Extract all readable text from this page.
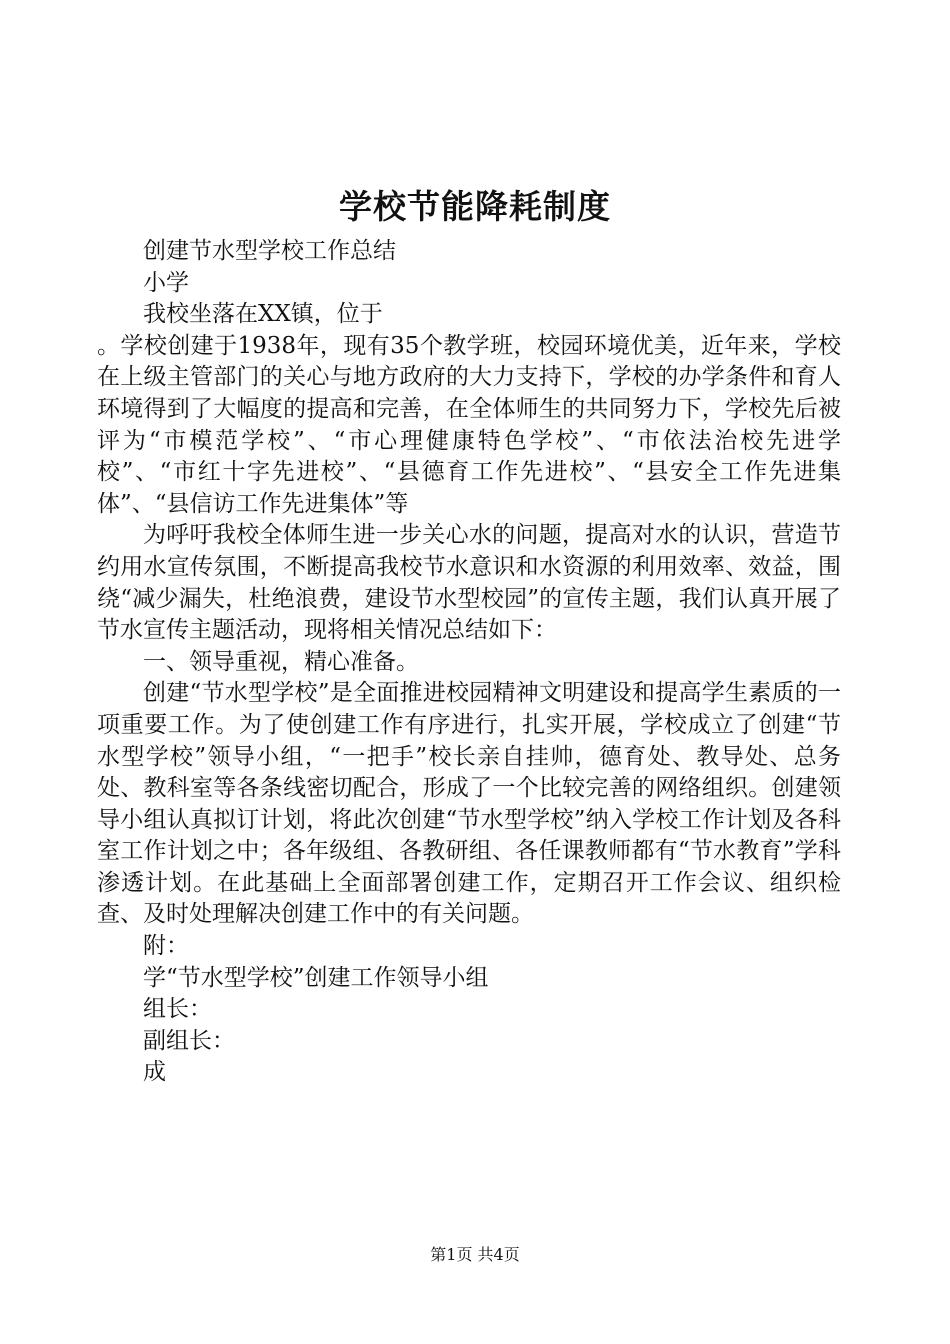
学校节能降耗制度

创建节水型学校工作总结

小学

我校坐落在XX镇，位于

。学校创建于1938年，现有35个教学班，校园环境优美，近年来，学校在上级主管部门的关心与地方政府的大力支持下，学校的办学条件和育人环境得到了大幅度的提高和完善，在全体师生的共同努力下，学校先后被评为“市模范学校”、“市心理健康特色学校”、“市依法治校先进学校”、“市红十字先进校”、“县德育工作先进校”、“县安全工作先进集体”、“县信访工作先进集体”等

为呼吁我校全体师生进一步关心水的问题，提高对水的认识，营造节约用水宣传氛围，不断提高我校节水意识和水资源的利用效率、效益，围绕“减少漏失，杜绝浪费，建设节水型校园”的宣传主题，我们认真开展了节水宣传主题活动，现将相关情况总结如下：

一、领导重视，精心准备。

创建“节水型学校”是全面推进校园精神文明建设和提高学生素质的一项重要工作。为了使创建工作有序进行，扎实开展，学校成立了创建“节水型学校”领导小组，“一把手”校长亲自挂帅，德育处、教导处、总务处、教科室等各条线密切配合，形成了一个比较完善的网络组织。创建领导小组认真拟订计划，将此次创建“节水型学校”纳入学校工作计划及各科室工作计划之中；各年级组、各教研组、各任课教师都有“节水教育”学科渗透计划。在此基础上全面部署创建工作，定期召开工作会议、组织检查、及时处理解决创建工作中的有关问题。

附：

学“节水型学校”创建工作领导小组

组长：

副组长：

成

第1页 共4页
